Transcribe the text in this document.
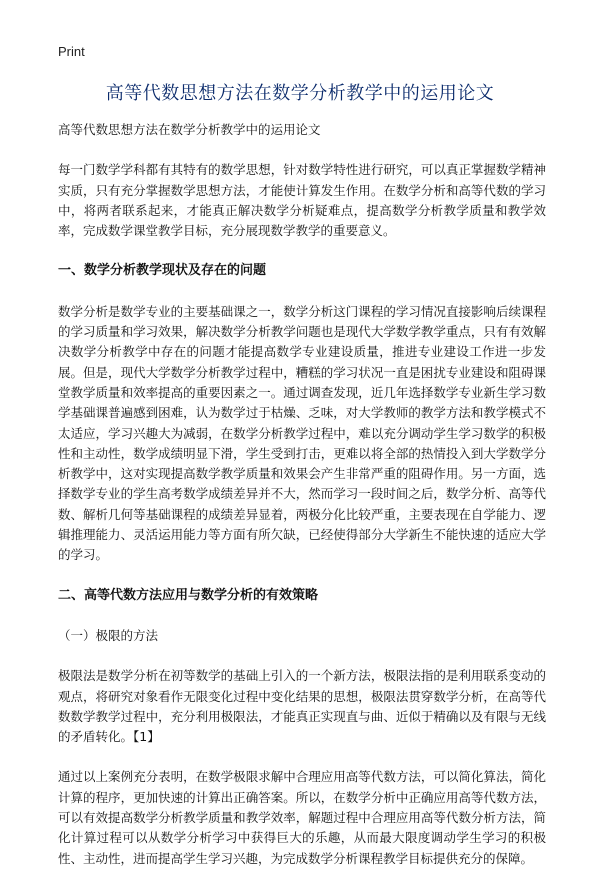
Print
高等代数思想方法在数学分析教学中的运用论文

高等代数思想方法在数学分析教学中的运用论文

每一门数学学科都有其特有的数学思想，针对数学特性进行研究，可以真正掌握数学精神实质，只有充分掌握数学思想方法，才能使计算发生作用。在数学分析和高等代数的学习中，将两者联系起来，才能真正解决数学分析疑难点，提高数学分析教学质量和教学效率，完成数学课堂教学目标，充分展现数学教学的重要意义。

一、数学分析教学现状及存在的问题

数学分析是数学专业的主要基础课之一，数学分析这门课程的学习情况直接影响后续课程的学习质量和学习效果，解决数学分析教学问题也是现代大学数学教学重点，只有有效解决数学分析教学中存在的问题才能提高数学专业建设质量，推进专业建设工作进一步发展。但是，现代大学数学分析教学过程中，糟糕的学习状况一直是困扰专业建设和阻碍课堂教学质量和效率提高的重要因素之一。通过调查发现，近几年选择数学专业新生学习数学基础课普遍感到困难，认为数学过于枯燥、乏味，对大学教师的教学方法和教学模式不太适应，学习兴趣大为减弱，在数学分析教学过程中，难以充分调动学生学习数学的积极性和主动性，数学成绩明显下滑，学生受到打击，更难以将全部的热情投入到大学数学分析教学中，这对实现提高数学教学质量和效果会产生非常严重的阻碍作用。另一方面，选择数学专业的学生高考数学成绩差异并不大，然而学习一段时间之后，数学分析、高等代数、解析几何等基础课程的成绩差异显着，两极分化比较严重，主要表现在自学能力、逻辑推理能力、灵活运用能力等方面有所欠缺，已经使得部分大学新生不能快速的适应大学的学习。

二、高等代数方法应用与数学分析的有效策略
（一）极限的方法

极限法是数学分析在初等数学的基础上引入的一个新方法，极限法指的是利用联系变动的观点，将研究对象看作无限变化过程中变化结果的思想，极限法贯穿数学分析，在高等代数数学教学过程中，充分利用极限法，才能真正实现直与曲、近似于精确以及有限与无线的矛盾转化。【1】

通过以上案例充分表明，在数学极限求解中合理应用高等代数方法，可以简化算法，简化计算的程序，更加快速的计算出正确答案。所以，在数学分析中正确应用高等代数方法，可以有效提高数学分析教学质量和教学效率，解题过程中合理应用高等代数分析方法，简化计算过程可以从数学分析学习中获得巨大的乐趣，从而最大限度调动学生学习的积极性、主动性，进而提高学生学习兴趣，为完成数学分析课程教学目标提供充分的保障。
